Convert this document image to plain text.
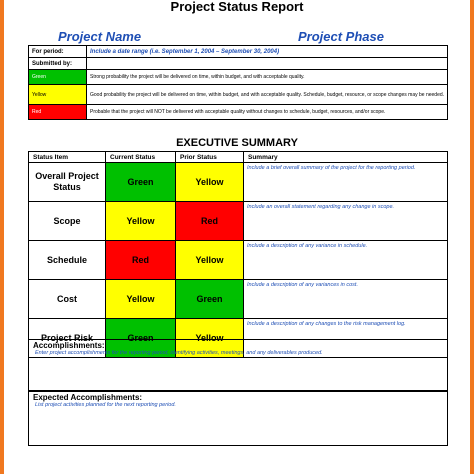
Project Status Report
Project Name	Project Phase
For period:	Include a date range (i.e. September 1, 2004 – September 30, 2004)
Submitted by:	
Green	Strong probability the project will be delivered on time, within budget, and with acceptable quality.
Yellow	Good probability the project will be delivered on time, within budget, and with acceptable quality. Schedule, budget, resource, or scope changes may be needed.
Red	Probable that the project will NOT be delivered with acceptable quality without changes to schedule, budget, resources, and/or scope.
EXECUTIVE SUMMARY
Status Item	Current Status	Prior Status	Summary
Overall Project Status	Green	Yellow	Include a brief overall summary of the project for the reporting period.
Scope	Yellow	Red	Include an overall statement regarding any change in scope.
Schedule	Red	Yellow	Include a description of any variance in schedule.
Cost	Yellow	Green	Include a description of any variances in cost.
Project Risk	Green	Yellow	Include a description of any changes to the risk management log.
Accomplishments:
Enter project accomplishments for the reporting period, identifying activities, meetings, and any deliverables produced.
Expected Accomplishments:
List project activities planned for the next reporting period.
